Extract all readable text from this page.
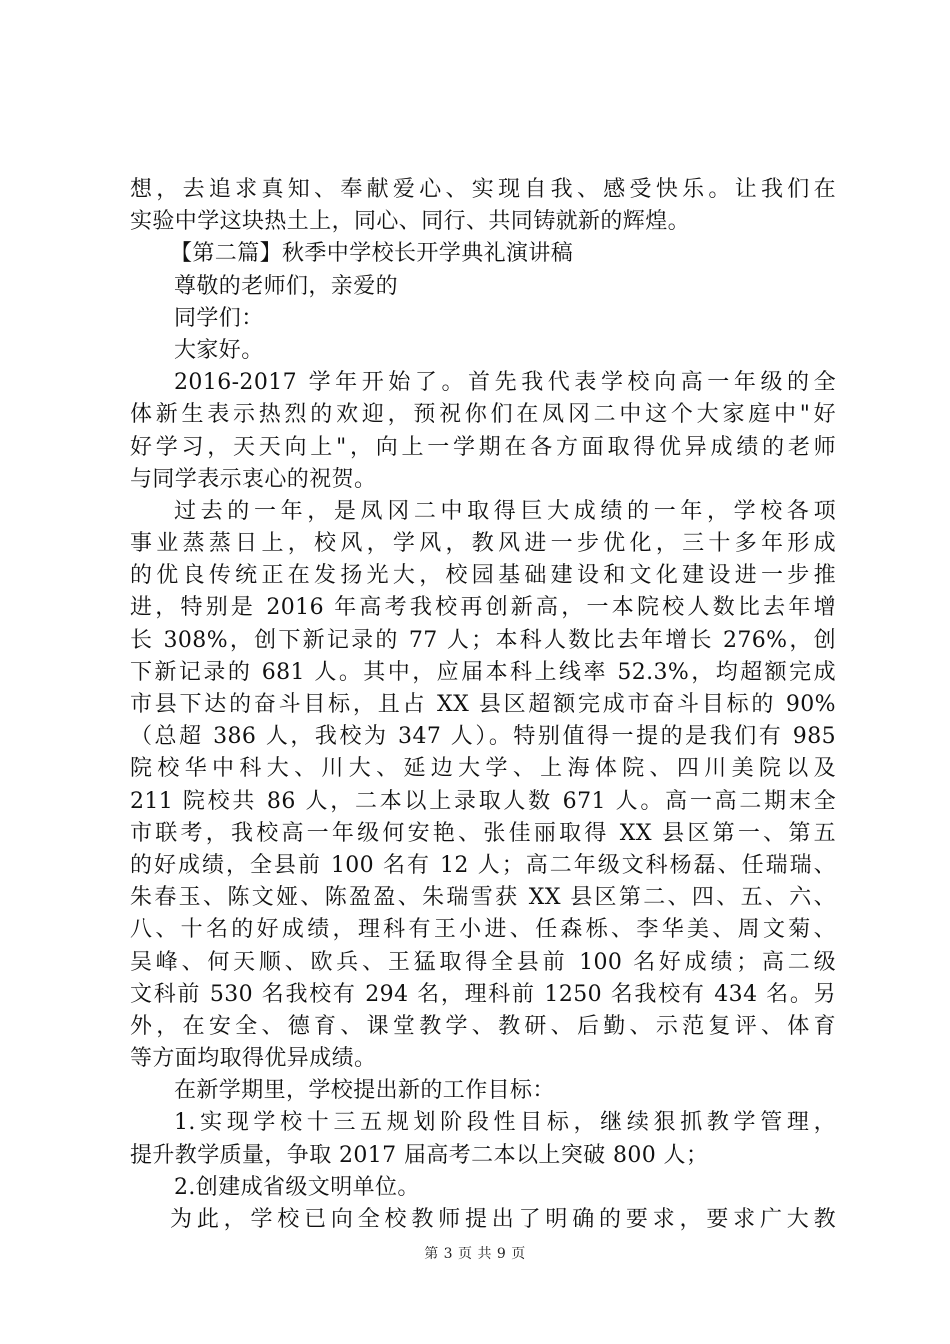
想，去追求真知、奉献爱心、实现自我、感受快乐。让我们在
实验中学这块热土上，同心、同行、共同铸就新的辉煌。
【第二篇】秋季中学校长开学典礼演讲稿
尊敬的老师们，亲爱的
同学们：
大家好。
2016-2017 学年开始了。首先我代表学校向高一年级的全
体新生表示热烈的欢迎，预祝你们在凤冈二中这个大家庭中"好
好学习，天天向上"，向上一学期在各方面取得优异成绩的老师
与同学表示衷心的祝贺。
过去的一年，是凤冈二中取得巨大成绩的一年，学校各项
事业蒸蒸日上，校风，学风，教风进一步优化，三十多年形成
的优良传统正在发扬光大，校园基础建设和文化建设进一步推
进，特别是 2016 年高考我校再创新高，一本院校人数比去年增
长 308%，创下新记录的 77 人；本科人数比去年增长 276%，创
下新记录的 681 人。其中，应届本科上线率 52.3%，均超额完成
市县下达的奋斗目标，且占 XX 县区超额完成市奋斗目标的 90%
（总超 386 人，我校为 347 人）。特别值得一提的是我们有 985
院校华中科大、川大、延边大学、上海体院、四川美院以及
211 院校共 86 人，二本以上录取人数 671 人。高一高二期末全
市联考，我校高一年级何安艳、张佳丽取得 XX 县区第一、第五
的好成绩，全县前 100 名有 12 人；高二年级文科杨磊、任瑞瑞、
朱春玉、陈文娅、陈盈盈、朱瑞雪获 XX 县区第二、四、五、六、
八、十名的好成绩，理科有王小进、任森栎、李华美、周文菊、
吴峰、何天顺、欧兵、王猛取得全县前 100 名好成绩；高二级
文科前 530 名我校有 294 名，理科前 1250 名我校有 434 名。另
外，在安全、德育、课堂教学、教研、后勤、示范复评、体育
等方面均取得优异成绩。
在新学期里，学校提出新的工作目标：
1.实现学校十三五规划阶段性目标，继续狠抓教学管理，
提升教学质量，争取 2017 届高考二本以上突破 800 人；
2.创建成省级文明单位。
为此，学校已向全校教师提出了明确的要求，要求广大教
第 3 页 共 9 页
